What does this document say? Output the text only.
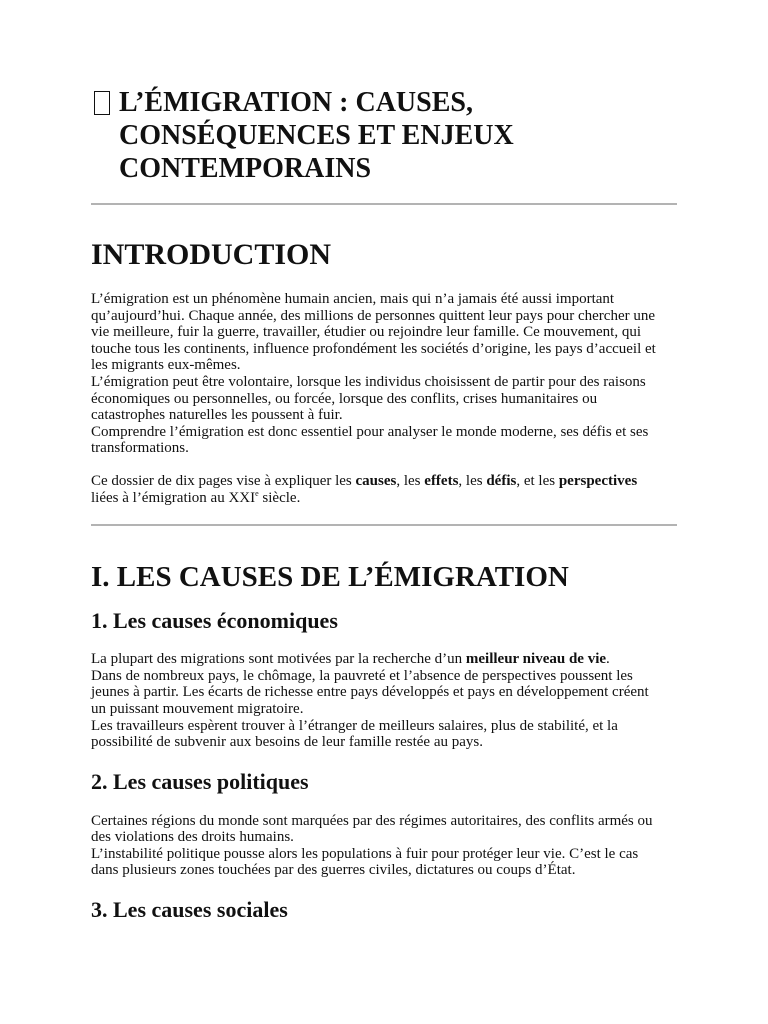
L’ÉMIGRATION : CAUSES,
CONSÉQUENCES ET ENJEUX
CONTEMPORAINS
INTRODUCTION

L’émigration est un phénomène humain ancien, mais qui n’a jamais été aussi important
qu’aujourd’hui. Chaque année, des millions de personnes quittent leur pays pour chercher une
vie meilleure, fuir la guerre, travailler, étudier ou rejoindre leur famille. Ce mouvement, qui
touche tous les continents, influence profondément les sociétés d’origine, les pays d’accueil et
les migrants eux-mêmes.
L’émigration peut être volontaire, lorsque les individus choisissent de partir pour des raisons
économiques ou personnelles, ou forcée, lorsque des conflits, crises humanitaires ou
catastrophes naturelles les poussent à fuir.
Comprendre l’émigration est donc essentiel pour analyser le monde moderne, ses défis et ses
transformations.

Ce dossier de dix pages vise à expliquer les causes, les effets, les défis, et les perspectives
liées à l’émigration au XXIe siècle.

I. LES CAUSES DE L’ÉMIGRATION
1. Les causes économiques

La plupart des migrations sont motivées par la recherche d’un meilleur niveau de vie.
Dans de nombreux pays, le chômage, la pauvreté et l’absence de perspectives poussent les
jeunes à partir. Les écarts de richesse entre pays développés et pays en développement créent
un puissant mouvement migratoire.
Les travailleurs espèrent trouver à l’étranger de meilleurs salaires, plus de stabilité, et la
possibilité de subvenir aux besoins de leur famille restée au pays.

2. Les causes politiques

Certaines régions du monde sont marquées par des régimes autoritaires, des conflits armés ou
des violations des droits humains.
L’instabilité politique pousse alors les populations à fuir pour protéger leur vie. C’est le cas
dans plusieurs zones touchées par des guerres civiles, dictatures ou coups d’État.

3. Les causes sociales
